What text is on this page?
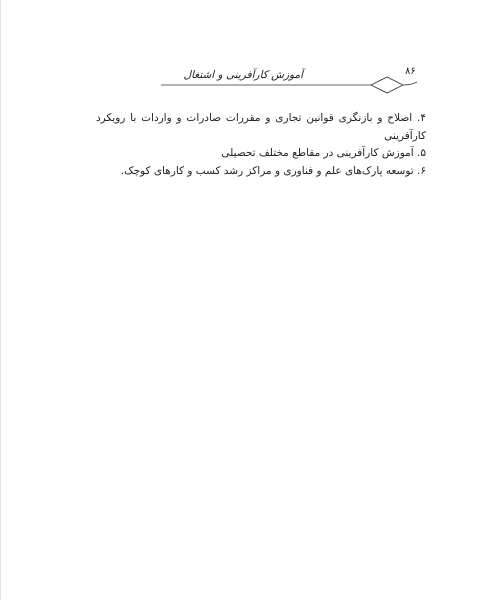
۸۶
آموزش کارآفرینی و اشتغال

۴. اصلاح و بازنگری قوانین تجاری و مقررات صادرات و واردات با رویکرد کارآفرینی

۵. آموزش کارآفرینی در مقاطع مختلف تحصیلی

۶. توسعه پارک‌های علم و فناوری و مراکز رشد کسب و کارهای کوچک.
